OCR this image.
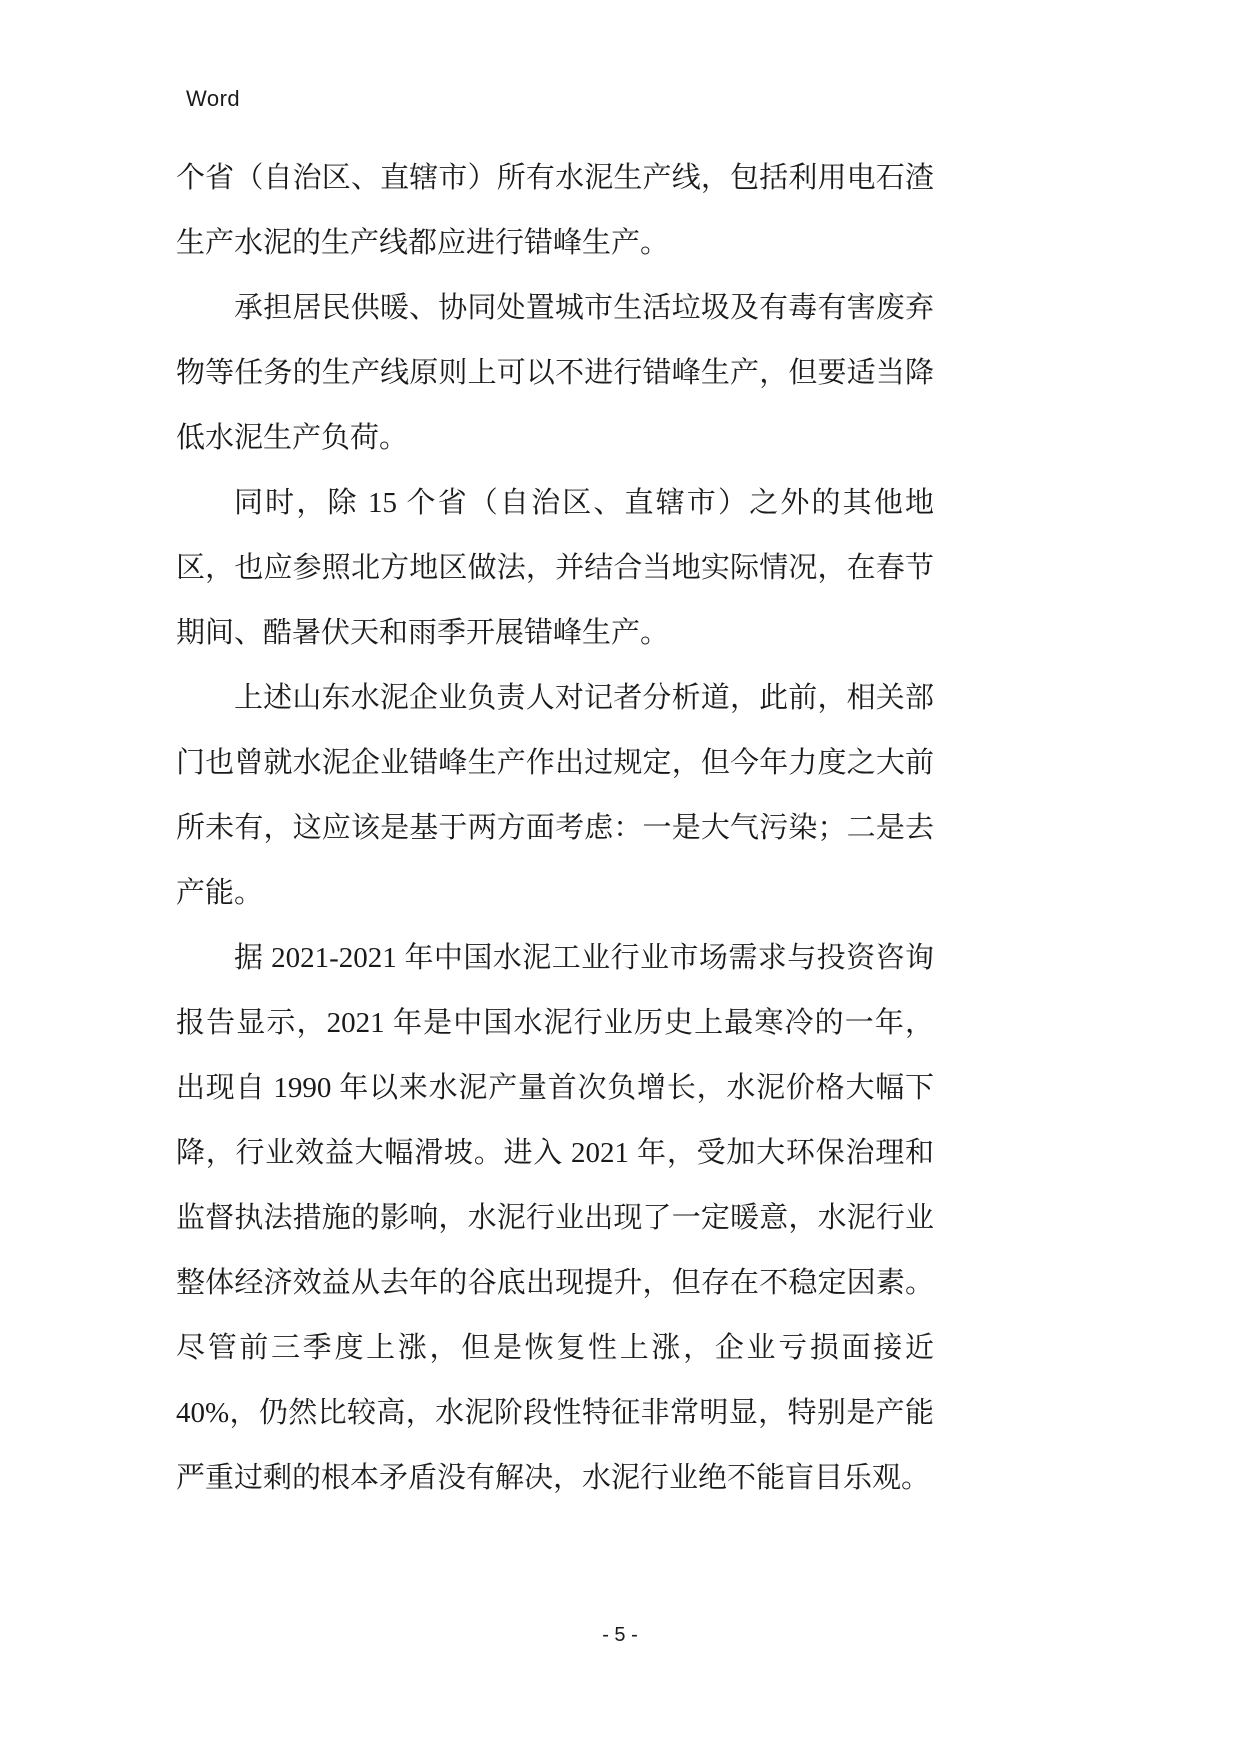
Word

个省（自治区、直辖市）所有水泥生产线，包括利用电石渣生产水泥的生产线都应进行错峰生产。

承担居民供暖、协同处置城市生活垃圾及有毒有害废弃物等任务的生产线原则上可以不进行错峰生产，但要适当降低水泥生产负荷。

同时，除 15 个省（自治区、直辖市）之外的其他地区，也应参照北方地区做法，并结合当地实际情况，在春节期间、酷暑伏天和雨季开展错峰生产。

上述山东水泥企业负责人对记者分析道，此前，相关部门也曾就水泥企业错峰生产作出过规定，但今年力度之大前所未有，这应该是基于两方面考虑：一是大气污染；二是去产能。

据 2021-2021 年中国水泥工业行业市场需求与投资咨询报告显示，2021 年是中国水泥行业历史上最寒冷的一年，出现自 1990 年以来水泥产量首次负增长，水泥价格大幅下降，行业效益大幅滑坡。进入 2021 年，受加大环保治理和监督执法措施的影响，水泥行业出现了一定暖意，水泥行业整体经济效益从去年的谷底出现提升，但存在不稳定因素。尽管前三季度上涨，但是恢复性上涨，企业亏损面接近 40%，仍然比较高，水泥阶段性特征非常明显，特别是产能严重过剩的根本矛盾没有解决，水泥行业绝不能盲目乐观。

- 5 -
